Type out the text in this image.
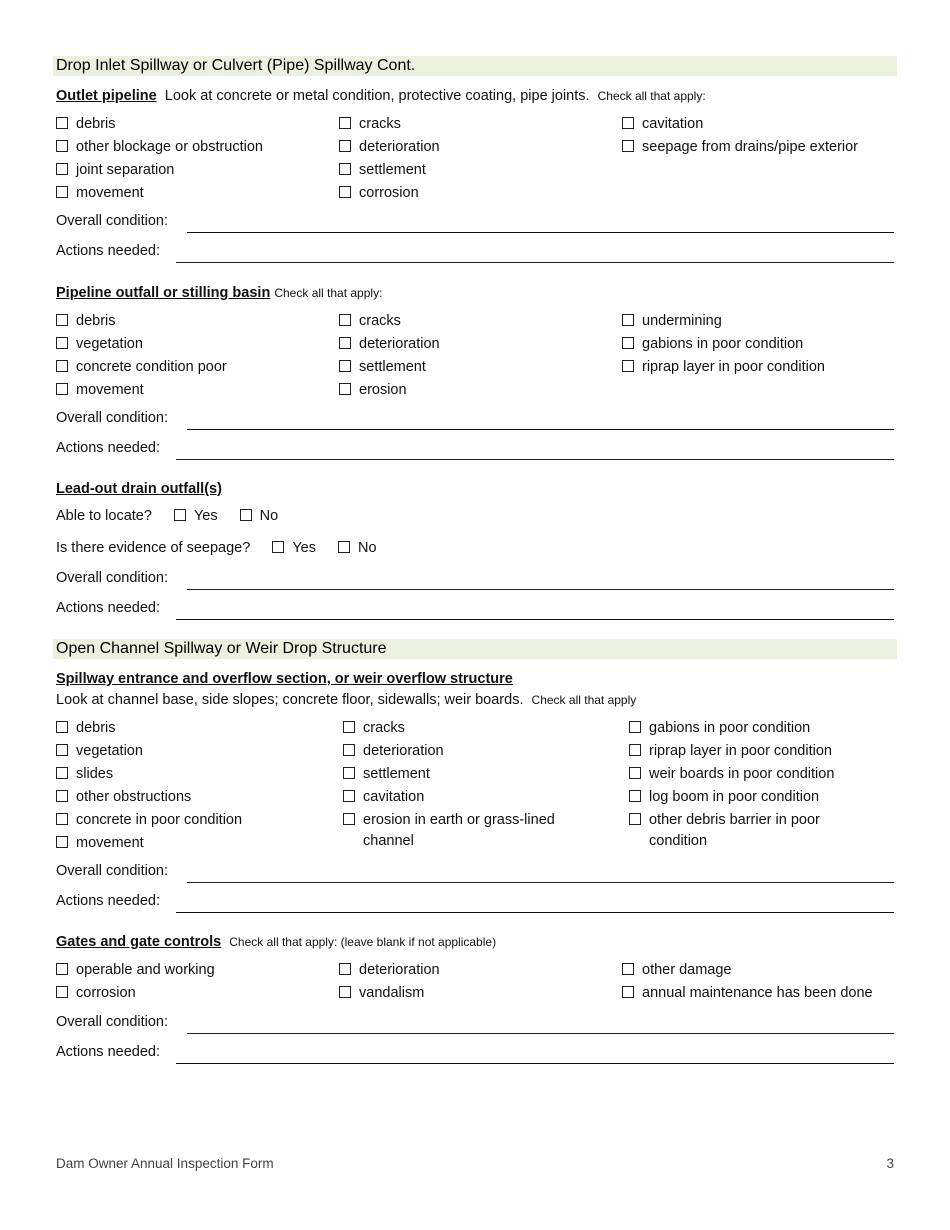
Drop Inlet Spillway or Culvert (Pipe) Spillway Cont.
Outlet pipeline Look at concrete or metal condition, protective coating, pipe joints. Check all that apply:
debris
other blockage or obstruction
joint separation
movement
cracks
deterioration
settlement
corrosion
cavitation
seepage from drains/pipe exterior
Overall condition:
Actions needed:
Pipeline outfall or stilling basin Check all that apply:
debris
vegetation
concrete condition poor
movement
cracks
deterioration
settlement
erosion
undermining
gabions in poor condition
riprap layer in poor condition
Overall condition:
Actions needed:
Lead-out drain outfall(s)
Able to locate?	Yes	No
Is there evidence of seepage?	Yes	No
Overall condition:
Actions needed:
Open Channel Spillway or Weir Drop Structure
Spillway entrance and overflow section, or weir overflow structure
Look at channel base, side slopes; concrete floor, sidewalls; weir boards. Check all that apply
debris
vegetation
slides
other obstructions
concrete in poor condition
movement
cracks
deterioration
settlement
cavitation
erosion in earth or grass-lined channel
gabions in poor condition
riprap layer in poor condition
weir boards in poor condition
log boom in poor condition
other debris barrier in poor condition
Overall condition:
Actions needed:
Gates and gate controls Check all that apply: (leave blank if not applicable)
operable and working
corrosion
deterioration
vandalism
other damage
annual maintenance has been done
Overall condition:
Actions needed:
Dam Owner Annual Inspection Form	3
